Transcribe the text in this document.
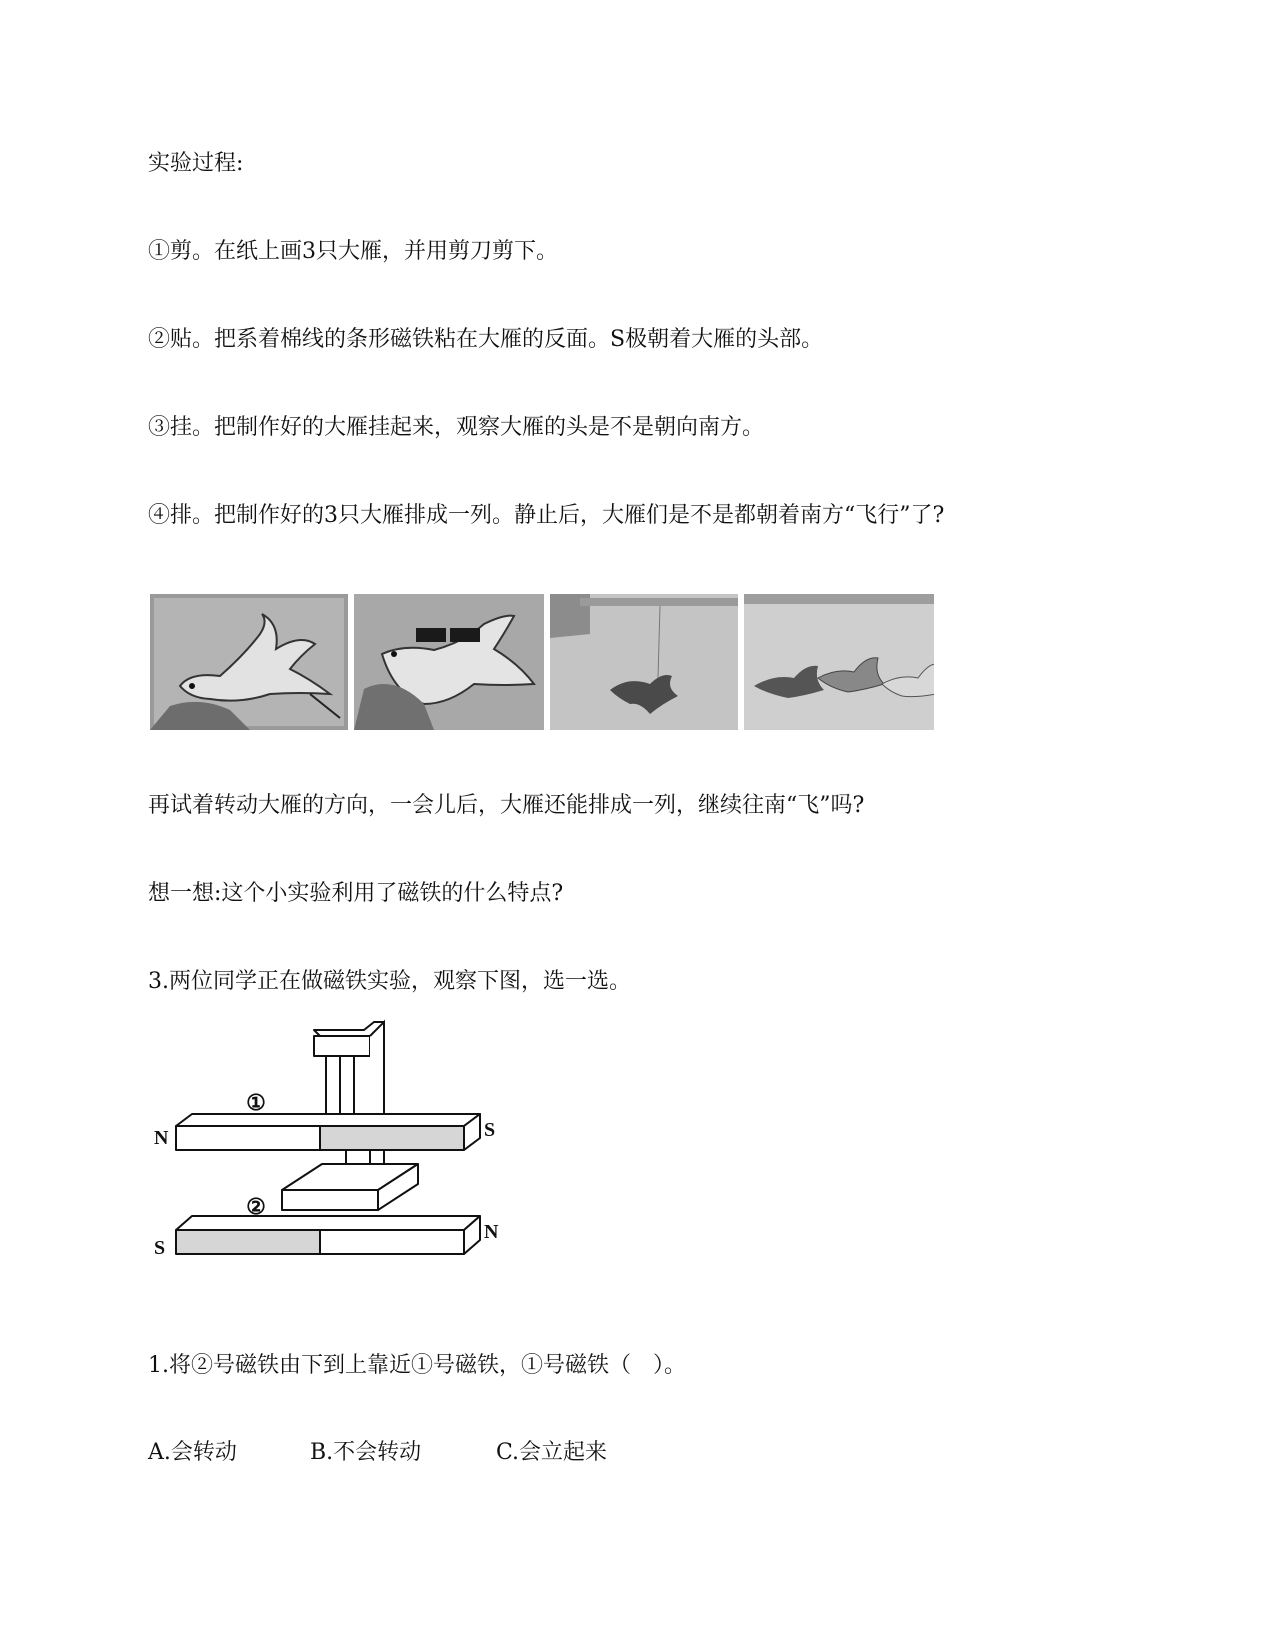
实验过程:
①剪。在纸上画3只大雁，并用剪刀剪下。
②贴。把系着棉线的条形磁铁粘在大雁的反面。S极朝着大雁的头部。
③挂。把制作好的大雁挂起来，观察大雁的头是不是朝向南方。
④排。把制作好的3只大雁排成一列。静止后，大雁们是不是都朝着南方“飞行”了?
再试着转动大雁的方向，一会儿后，大雁还能排成一列，继续往南“飞”吗?
想一想:这个小实验利用了磁铁的什么特点?
3.两位同学正在做磁铁实验，观察下图，选一选。
①
②
N	S
S
N
1.将②号磁铁由下到上靠近①号磁铁，①号磁铁（　）。
A.会转动	B.不会转动	C.会立起来
